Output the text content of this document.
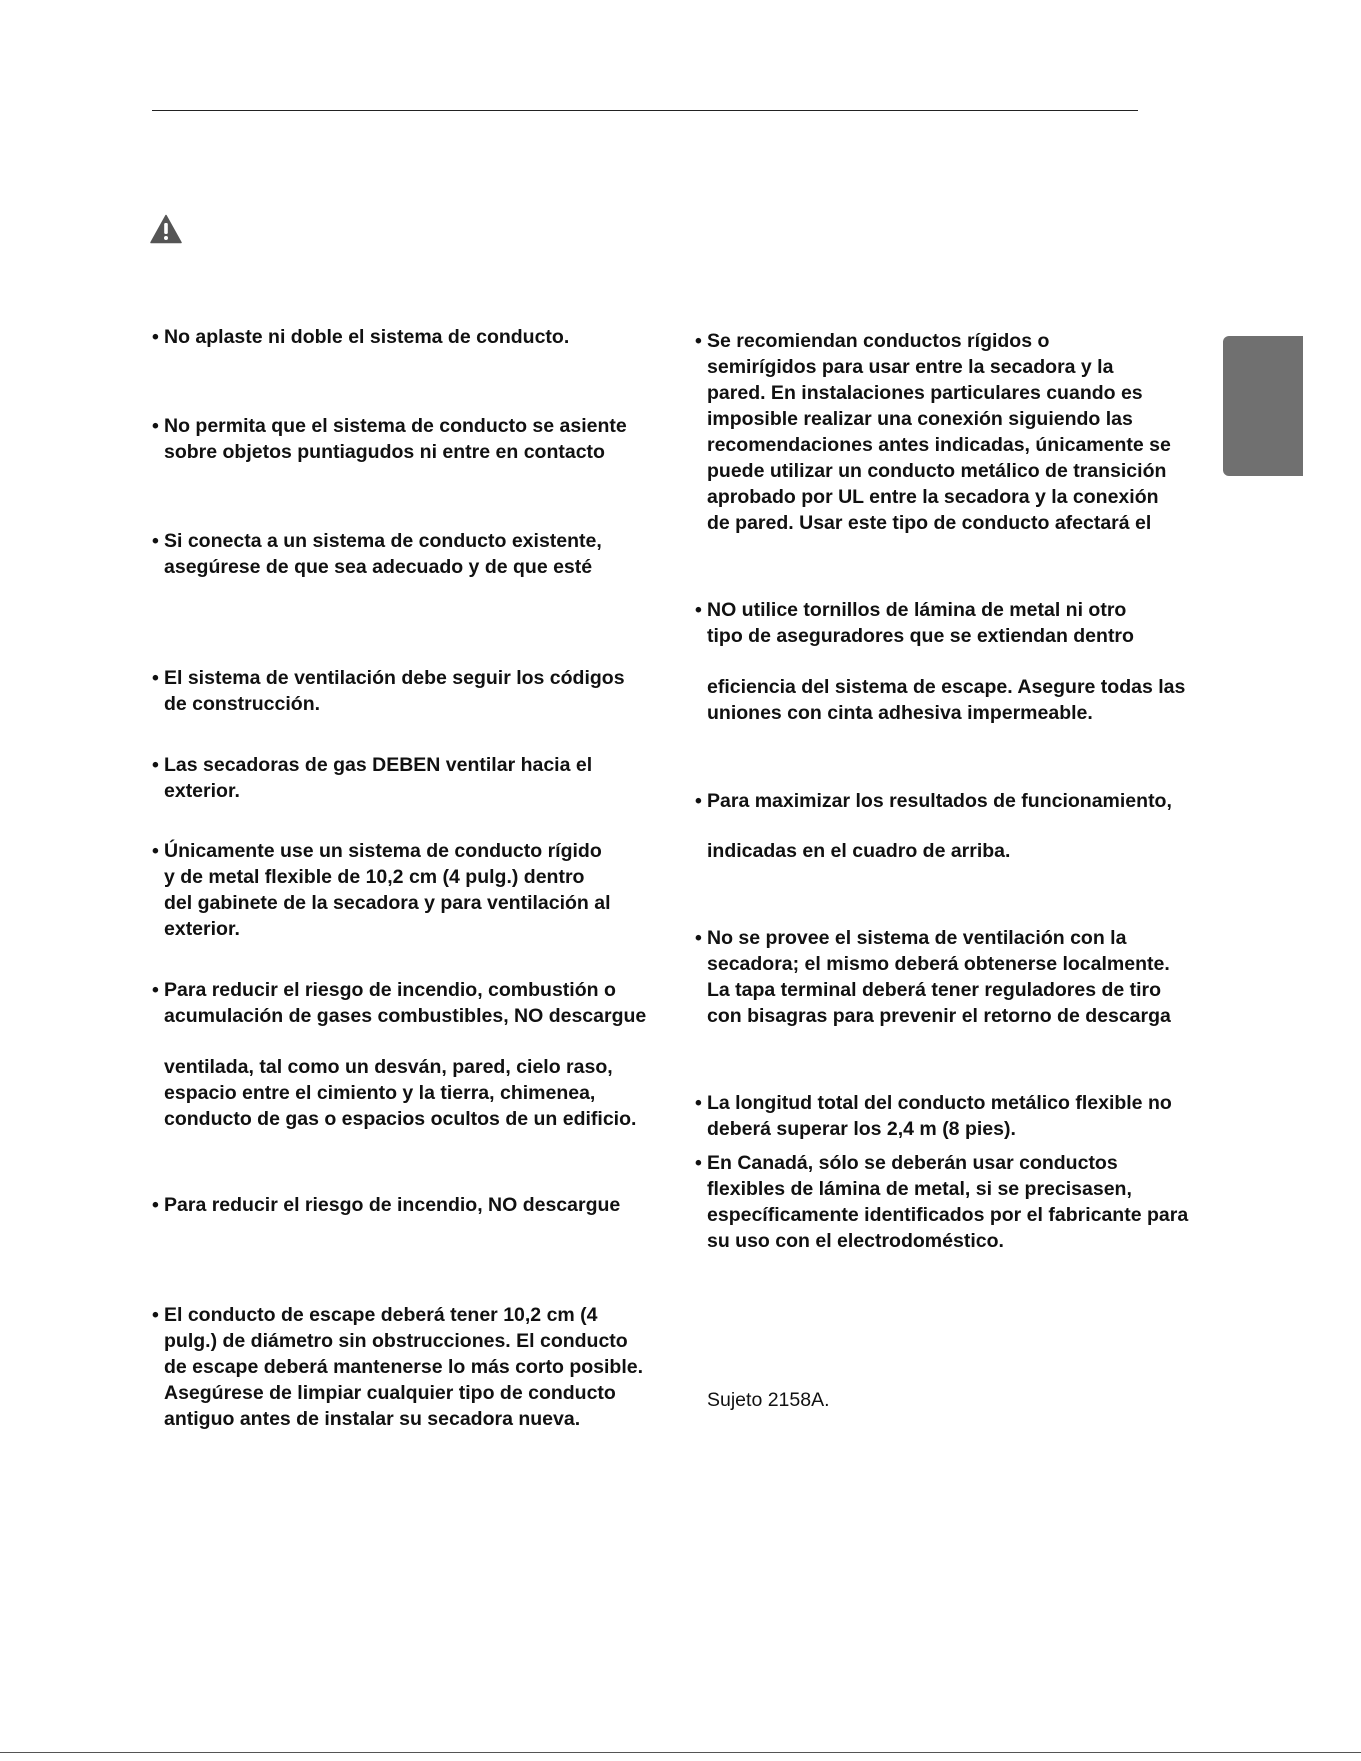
• No aplaste ni doble el sistema de conducto.
• No permita que el sistema de conducto se asiente
sobre objetos puntiagudos ni entre en contacto
• Si conecta a un sistema de conducto existente,
asegúrese de que sea adecuado y de que esté
• El sistema de ventilación debe seguir los códigos
de construcción.
• Las secadoras de gas DEBEN ventilar hacia el
exterior.
• Únicamente use un sistema de conducto rígido
y de metal flexible de 10,2 cm (4 pulg.) dentro
del gabinete de la secadora y para ventilación al
exterior.
• Para reducir el riesgo de incendio, combustión o
acumulación de gases combustibles, NO descargue
ventilada, tal como un desván, pared, cielo raso,
espacio entre el cimiento y la tierra, chimenea,
conducto de gas o espacios ocultos de un edificio.
• Para reducir el riesgo de incendio, NO descargue
• El conducto de escape deberá tener 10,2 cm (4
pulg.) de diámetro sin obstrucciones. El conducto
de escape deberá mantenerse lo más corto posible.
Asegúrese de limpiar cualquier tipo de conducto
antiguo antes de instalar su secadora nueva.
• Se recomiendan conductos rígidos o
semirígidos para usar entre la secadora y la
pared. En instalaciones particulares cuando es
imposible realizar una conexión siguiendo las
recomendaciones antes indicadas, únicamente se
puede utilizar un conducto metálico de transición
aprobado por UL entre la secadora y la conexión
de pared. Usar este tipo de conducto afectará el
• NO utilice tornillos de lámina de metal ni otro
tipo de aseguradores que se extiendan dentro
eficiencia del sistema de escape. Asegure todas las
uniones con cinta adhesiva impermeable.
• Para maximizar los resultados de funcionamiento,
indicadas en el cuadro de arriba.
• No se provee el sistema de ventilación con la
secadora; el mismo deberá obtenerse localmente.
La tapa terminal deberá tener reguladores de tiro
con bisagras para prevenir el retorno de descarga
• La longitud total del conducto metálico flexible no
deberá superar los 2,4 m (8 pies).
• En Canadá, sólo se deberán usar conductos
flexibles de lámina de metal, si se precisasen,
específicamente identificados por el fabricante para
su uso con el electrodoméstico.
Sujeto 2158A.
